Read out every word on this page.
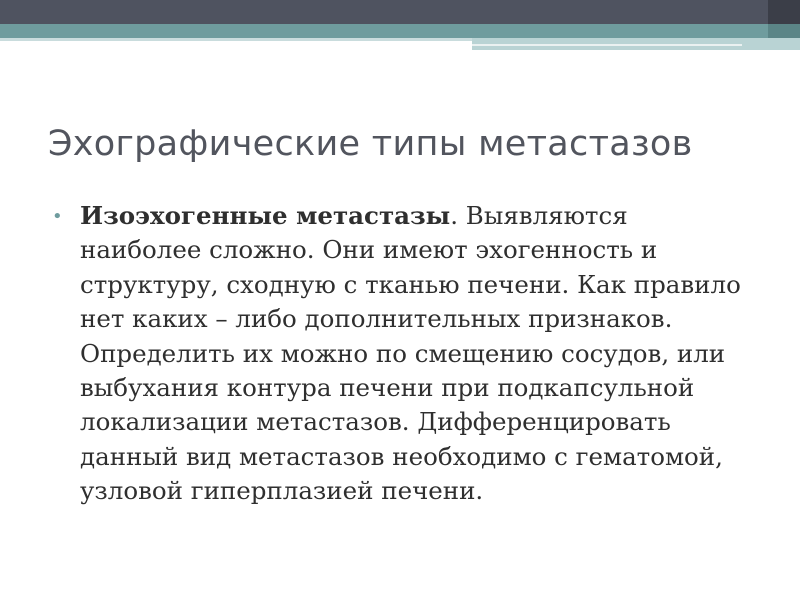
Эхографические типы метастазов
• Изоэхогенные метастазы. Выявляются наиболее сложно. Они имеют эхогенность и структуру, сходную с тканью печени. Как правило нет каких – либо дополнительных признаков. Определить их можно по смещению сосудов, или выбухания контура печени при подкапсульной локализации метастазов. Дифференцировать данный вид метастазов необходимо с гематомой, узловой гиперплазией печени.
